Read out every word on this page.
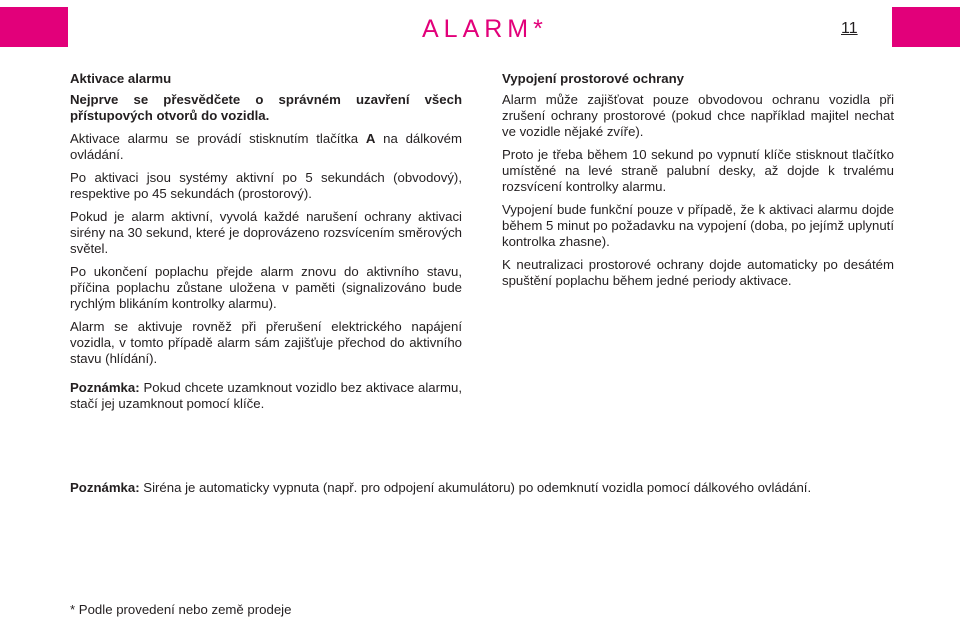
ALARM*	11
Aktivace alarmu

Nejprve se přesvědčete o správném uzavření všech přístupových otvorů do vozidla.

Aktivace alarmu se provádí stisknutím tlačítka A na dálkovém ovládání.

Po aktivaci jsou systémy aktivní po 5 sekundách (obvodový), respektive po 45 sekundách (prostorový).

Pokud je alarm aktivní, vyvolá každé narušení ochrany aktivaci sirény na 30 sekund, které je doprovázeno rozsvícením směrových světel.

Po ukončení poplachu přejde alarm znovu do aktivního stavu, příčina poplachu zůstane uložena v paměti (signalizováno bude rychlým blikáním kontrolky alarmu).

Alarm se aktivuje rovněž při přerušení elektrického napájení vozidla, v tomto případě alarm sám zajišťuje přechod do aktivního stavu (hlídání).

Poznámka: Pokud chcete uzamknout vozidlo bez aktivace alarmu, stačí jej uzamknout pomocí klíče.

Vypojení prostorové ochrany

Alarm může zajišťovat pouze obvodovou ochranu vozidla při zrušení ochrany prostorové (pokud chce například majitel nechat ve vozidle nějaké zvíře).

Proto je třeba během 10 sekund po vypnutí klíče stisknout tlačítko umístěné na levé straně palubní desky, až dojde k trvalému rozsvícení kontrolky alarmu.

Vypojení bude funkční pouze v případě, že k aktivaci alarmu dojde během 5 minut po požadavku na vypojení (doba, po jejímž uplynutí kontrolka zhasne).

K neutralizaci prostorové ochrany dojde automaticky po desátém spuštění poplachu během jedné periody aktivace.

Poznámka: Siréna je automaticky vypnuta (např. pro odpojení akumulátoru) po odemknutí vozidla pomocí dálkového ovládání.
* Podle provedení nebo země prodeje
